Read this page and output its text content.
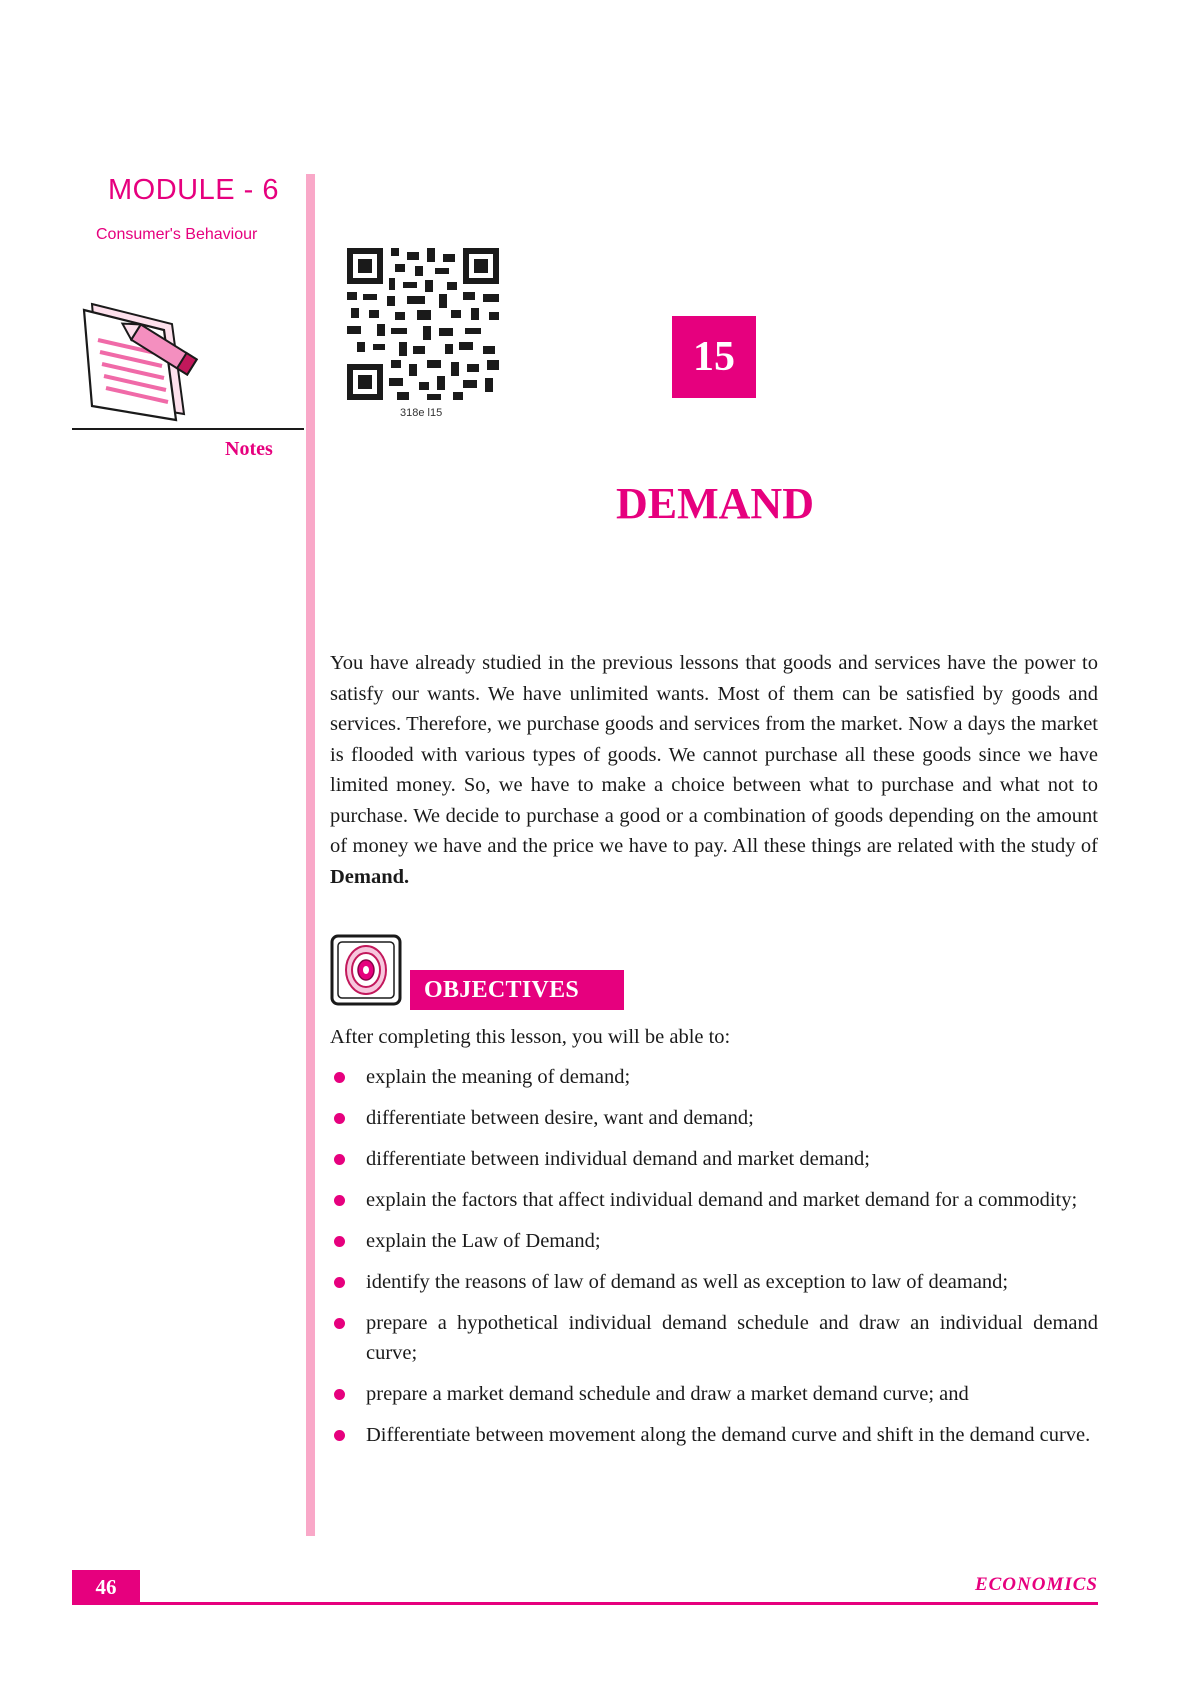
MODULE - 6
Consumer's Behaviour
Notes
318e l15
15
DEMAND

You have already studied in the previous lessons that goods and services have the power to satisfy our wants. We have unlimited wants. Most of them can be satisfied by goods and services. Therefore, we purchase goods and services from the market. Now a days the market is flooded with various types of goods. We cannot purchase all these goods since we have limited money. So, we have to make a choice between what to purchase and what not to purchase. We decide to purchase a good or a combination of goods depending on the amount of money we have and the price we have to pay. All these things are related with the study of Demand.

OBJECTIVES
After completing this lesson, you will be able to:
explain the meaning of demand;
differentiate between desire, want and demand;
differentiate between individual demand and market demand;
explain the factors that affect individual demand and market demand for a commodity;
explain the Law of Demand;
identify the reasons of law of demand as well as exception to law of deamand;
prepare a hypothetical individual demand schedule and draw an individual demand curve;
prepare a market demand schedule and draw a market demand curve; and
Differentiate between movement along the demand curve and shift in the demand curve.
46	ECONOMICS
